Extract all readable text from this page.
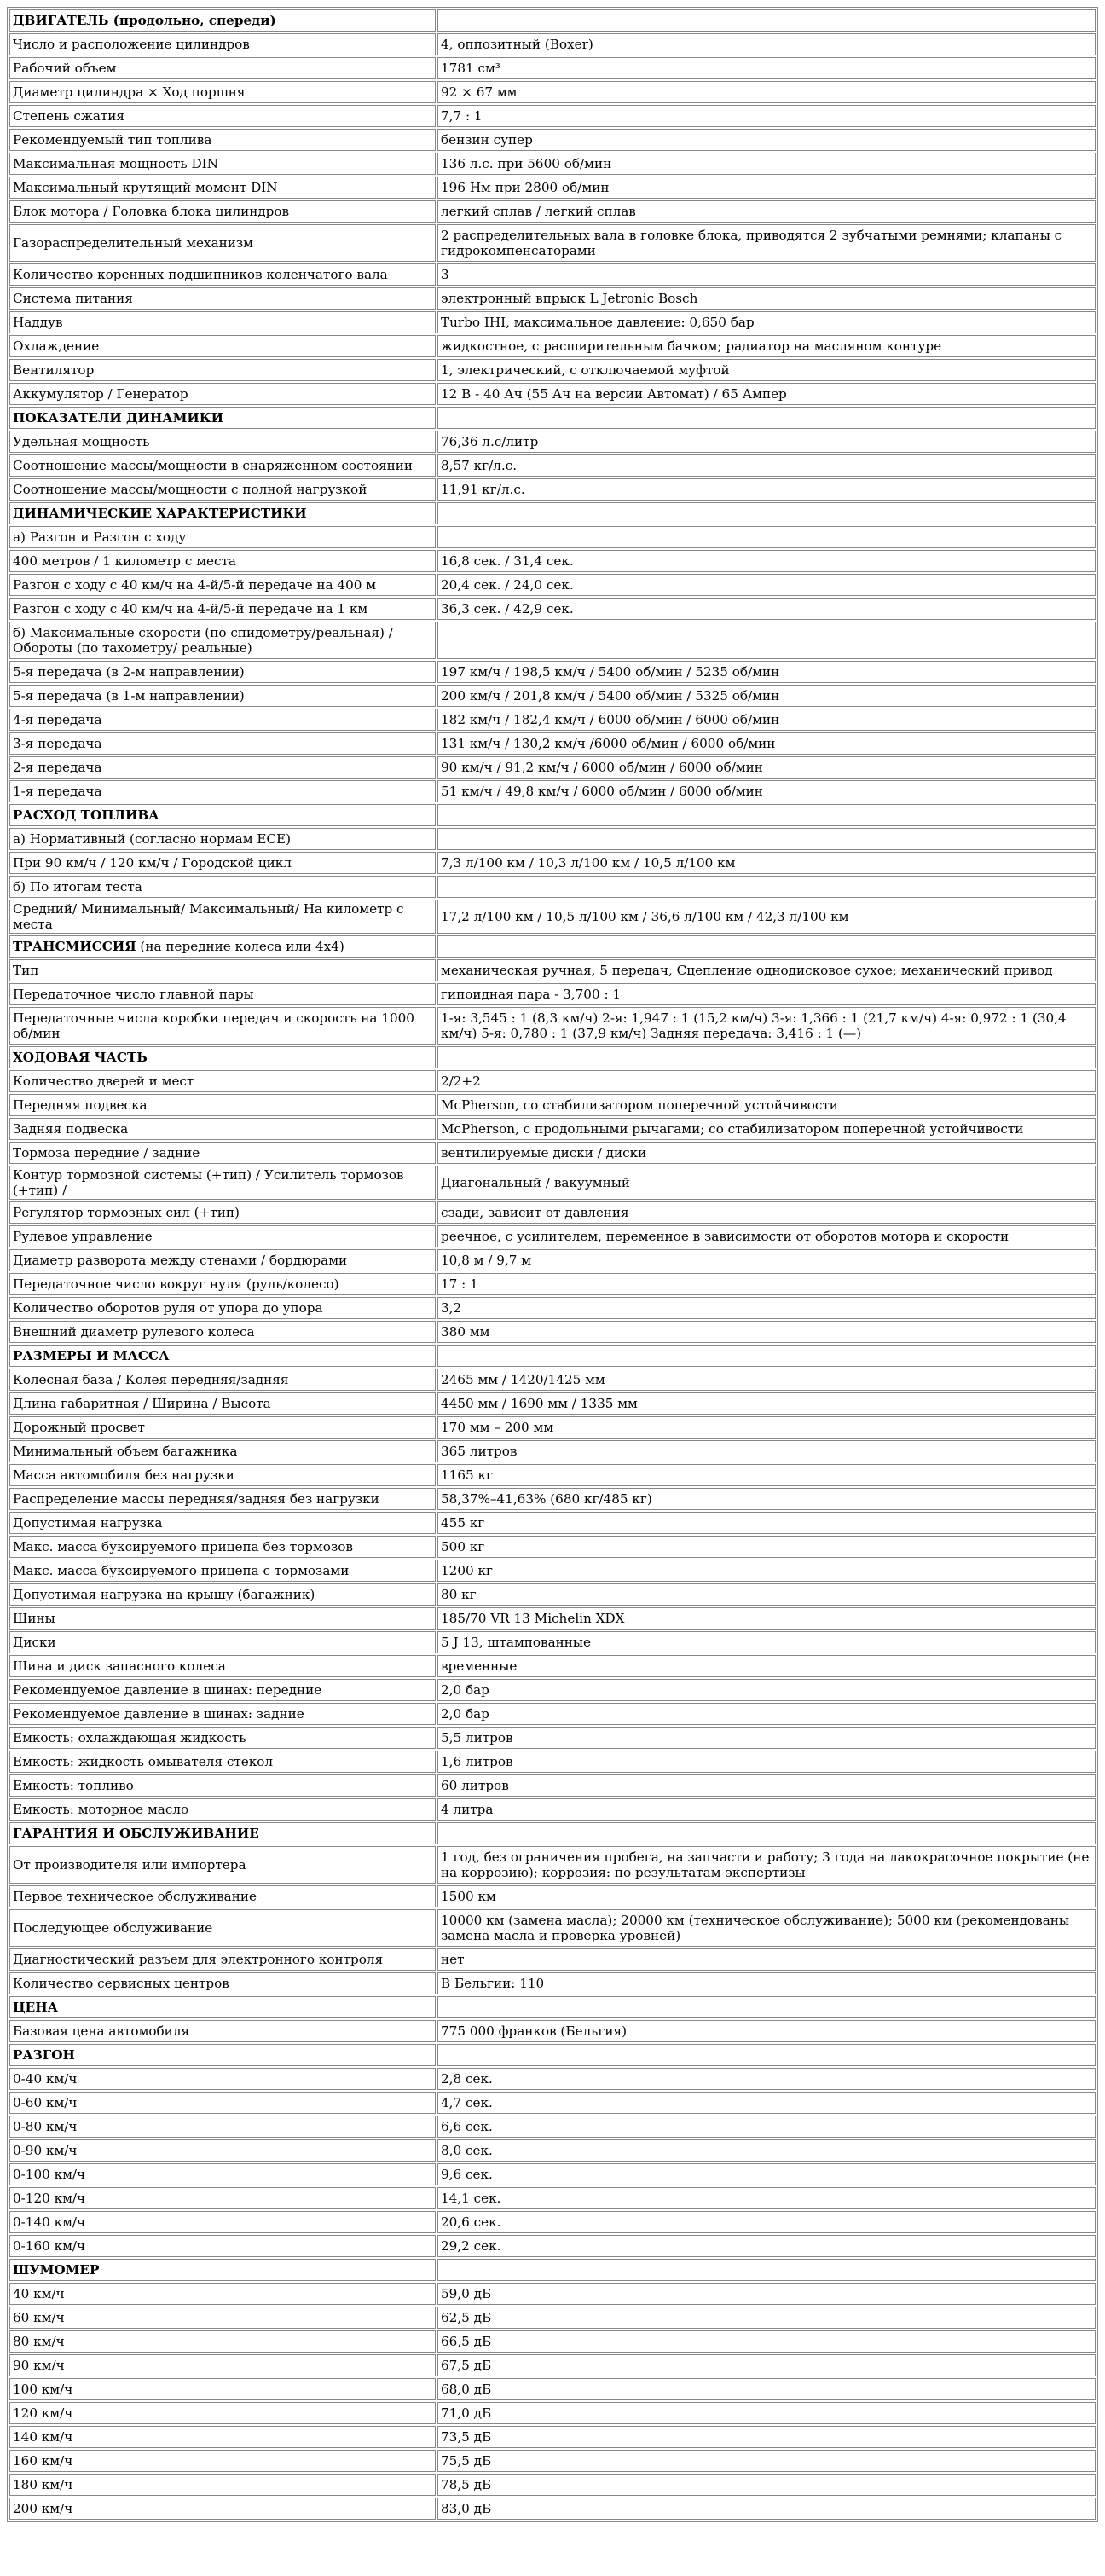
ДВИГАТЕЛЬ (продольно, спереди)	
Число и расположение цилиндров	4, оппозитный (Boxer)
Рабочий объем	1781 см³
Диаметр цилиндра × Ход поршня	92 × 67 мм
Степень сжатия	7,7 : 1
Рекомендуемый тип топлива	бензин супер
Максимальная мощность DIN	136 л.с. при 5600 об/мин
Максимальный крутящий момент DIN	196 Нм при 2800 об/мин
Блок мотора / Головка блока цилиндров	легкий сплав / легкий сплав
Газораспределительный механизм	2 распределительных вала в головке блока, приводятся 2 зубчатыми ремнями; клапаны с гидрокомпенсаторами
Количество коренных подшипников коленчатого вала	3
Система питания	электронный впрыск L Jetronic Bosch
Наддув	Turbo IHI, максимальное давление: 0,650 бар
Охлаждение	жидкостное, с расширительным бачком; радиатор на масляном контуре
Вентилятор	1, электрический, с отключаемой муфтой
Аккумулятор / Генератор	12 В - 40 Ач (55 Ач на версии Автомат) / 65 Ампер
ПОКАЗАТЕЛИ ДИНАМИКИ	
Удельная мощность	76,36 л.с/литр
Соотношение массы/мощности в снаряженном состоянии	8,57 кг/л.с.
Соотношение массы/мощности с полной нагрузкой	11,91 кг/л.с.
ДИНАМИЧЕСКИЕ ХАРАКТЕРИСТИКИ	
а) Разгон и Разгон с ходу	
400 метров / 1 километр с места	16,8 сек. / 31,4 сек.
Разгон с ходу с 40 км/ч на 4-й/5-й передаче на 400 м	20,4 сек. / 24,0 сек.
Разгон с ходу с 40 км/ч на 4-й/5-й передаче на 1 км	36,3 сек. / 42,9 сек.
б) Максимальные скорости (по спидометру/реальная) / Обороты (по тахометру/ реальные)	
5-я передача (в 2-м направлении)	197 км/ч / 198,5 км/ч / 5400 об/мин / 5235 об/мин
5-я передача (в 1-м направлении)	200 км/ч / 201,8 км/ч / 5400 об/мин / 5325 об/мин
4-я передача	182 км/ч / 182,4 км/ч / 6000 об/мин / 6000 об/мин
3-я передача	131 км/ч / 130,2 км/ч /6000 об/мин / 6000 об/мин
2-я передача	90 км/ч / 91,2 км/ч / 6000 об/мин / 6000 об/мин
1-я передача	51 км/ч / 49,8 км/ч / 6000 об/мин / 6000 об/мин
РАСХОД ТОПЛИВА	
а) Нормативный (согласно нормам ECE)	
При 90 км/ч / 120 км/ч / Городской цикл	7,3 л/100 км / 10,3 л/100 км / 10,5 л/100 км
б) По итогам теста	
Средний/ Минимальный/ Максимальный/ На километр с места	17,2 л/100 км / 10,5 л/100 км / 36,6 л/100 км / 42,3 л/100 км
ТРАНСМИССИЯ (на передние колеса или 4x4)	
Тип	механическая ручная, 5 передач, Сцепление однодисковое сухое; механический привод
Передаточное число главной пары	гипоидная пара - 3,700 : 1
Передаточные числа коробки передач и скорость на 1000 об/мин	1-я: 3,545 : 1 (8,3 км/ч) 2-я: 1,947 : 1 (15,2 км/ч) 3-я: 1,366 : 1 (21,7 км/ч) 4-я: 0,972 : 1 (30,4 км/ч) 5-я: 0,780 : 1 (37,9 км/ч) Задняя передача: 3,416 : 1 (—)
ХОДОВАЯ ЧАСТЬ	
Количество дверей и мест	2/2+2
Передняя подвеска	McPherson, со стабилизатором поперечной устойчивости
Задняя подвеска	McPherson, с продольными рычагами; со стабилизатором поперечной устойчивости
Тормоза передние / задние	вентилируемые диски / диски
Контур тормозной системы (+тип) / Усилитель тормозов (+тип) /	Диагональный / вакуумный
Регулятор тормозных сил (+тип)	сзади, зависит от давления
Рулевое управление	реечное, с усилителем, переменное в зависимости от оборотов мотора и скорости
Диаметр разворота между стенами / бордюрами	10,8 м / 9,7 м
Передаточное число вокруг нуля (руль/колесо)	17 : 1
Количество оборотов руля от упора до упора	3,2
Внешний диаметр рулевого колеса	380 мм
РАЗМЕРЫ И МАССА	
Колесная база / Колея передняя/задняя	2465 мм / 1420/1425 мм
Длина габаритная / Ширина / Высота	4450 мм / 1690 мм / 1335 мм
Дорожный просвет	170 мм – 200 мм
Минимальный объем багажника	365 литров
Масса автомобиля без нагрузки	1165 кг
Распределение массы передняя/задняя без нагрузки	58,37%–41,63% (680 кг/485 кг)
Допустимая нагрузка	455 кг
Макс. масса буксируемого прицепа без тормозов	500 кг
Макс. масса буксируемого прицепа с тормозами	1200 кг
Допустимая нагрузка на крышу (багажник)	80 кг
Шины	185/70 VR 13 Michelin XDX
Диски	5 J 13, штампованные
Шина и диск запасного колеса	временные
Рекомендуемое давление в шинах: передние	2,0 бар
Рекомендуемое давление в шинах: задние	2,0 бар
Емкость: охлаждающая жидкость	5,5 литров
Емкость: жидкость омывателя стекол	1,6 литров
Емкость: топливо	60 литров
Емкость: моторное масло	4 литра
ГАРАНТИЯ И ОБСЛУЖИВАНИЕ	
От производителя или импортера	1 год, без ограничения пробега, на запчасти и работу; 3 года на лакокрасочное покрытие (не на коррозию); коррозия: по результатам экспертизы
Первое техническое обслуживание	1500 км
Последующее обслуживание	10000 км (замена масла); 20000 км (техническое обслуживание); 5000 км (рекомендованы замена масла и проверка уровней)
Диагностический разъем для электронного контроля	нет
Количество сервисных центров	В Бельгии: 110
ЦЕНА	
Базовая цена автомобиля	775 000 франков (Бельгия)
РАЗГОН	
0-40 км/ч	2,8 сек.
0-60 км/ч	4,7 сек.
0-80 км/ч	6,6 сек.
0-90 км/ч	8,0 сек.
0-100 км/ч	9,6 сек.
0-120 км/ч	14,1 сек.
0-140 км/ч	20,6 сек.
0-160 км/ч	29,2 сек.
ШУМОМЕР	
40 км/ч	59,0 дБ
60 км/ч	62,5 дБ
80 км/ч	66,5 дБ
90 км/ч	67,5 дБ
100 км/ч	68,0 дБ
120 км/ч	71,0 дБ
140 км/ч	73,5 дБ
160 км/ч	75,5 дБ
180 км/ч	78,5 дБ
200 км/ч	83,0 дБ
